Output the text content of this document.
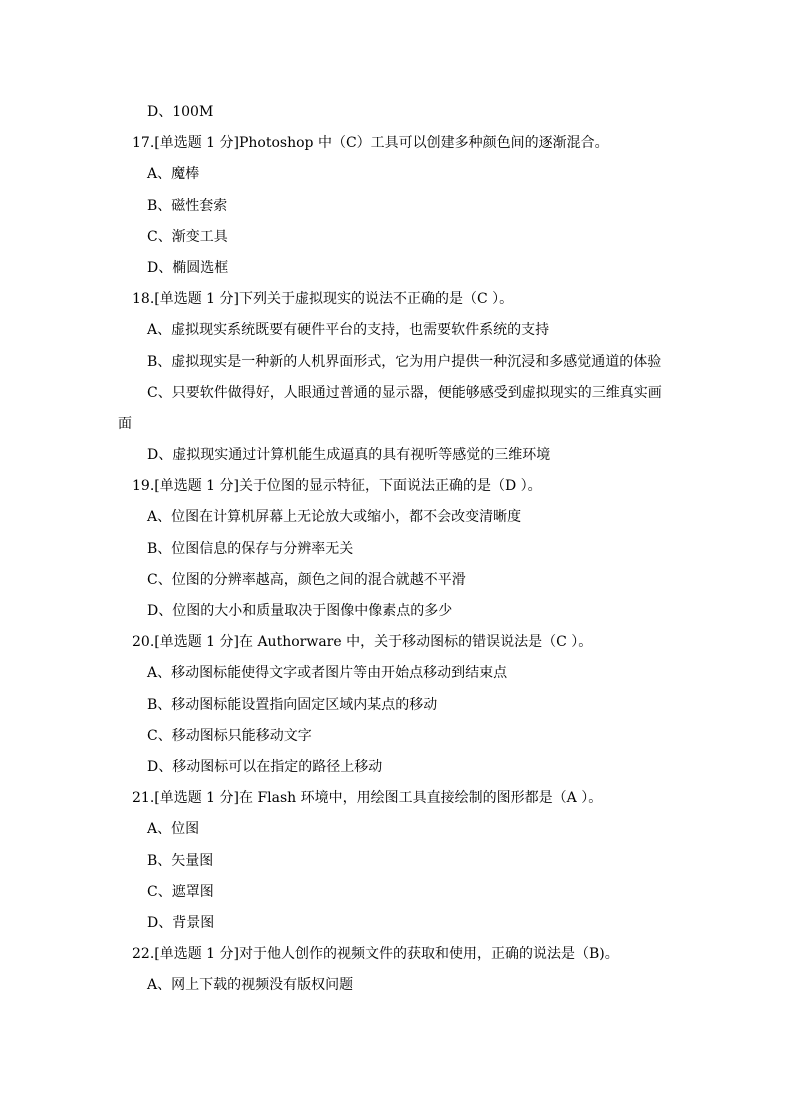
D、100M
17.[单选题 1 分]Photoshop 中（C）工具可以创建多种颜色间的逐渐混合。
A、魔棒
B、磁性套索
C、渐变工具
D、椭圆选框
18.[单选题 1 分]下列关于虚拟现实的说法不正确的是（C ）。
A、虚拟现实系统既要有硬件平台的支持，也需要软件系统的支持
B、虚拟现实是一种新的人机界面形式，它为用户提供一种沉浸和多感觉通道的体验
C、只要软件做得好，人眼通过普通的显示器，便能够感受到虚拟现实的三维真实画
面
D、虚拟现实通过计算机能生成逼真的具有视听等感觉的三维环境
19.[单选题 1 分]关于位图的显示特征，下面说法正确的是（D ）。
A、位图在计算机屏幕上无论放大或缩小，都不会改变清晰度
B、位图信息的保存与分辨率无关
C、位图的分辨率越高，颜色之间的混合就越不平滑
D、位图的大小和质量取决于图像中像素点的多少
20.[单选题 1 分]在 Authorware 中，关于移动图标的错误说法是（C ）。
A、移动图标能使得文字或者图片等由开始点移动到结束点
B、移动图标能设置指向固定区域内某点的移动
C、移动图标只能移动文字
D、移动图标可以在指定的路径上移动
21.[单选题 1 分]在 Flash 环境中，用绘图工具直接绘制的图形都是（A ）。
A、位图
B、矢量图
C、遮罩图
D、背景图
22.[单选题 1 分]对于他人创作的视频文件的获取和使用，正确的说法是（B)。
A、网上下载的视频没有版权问题
